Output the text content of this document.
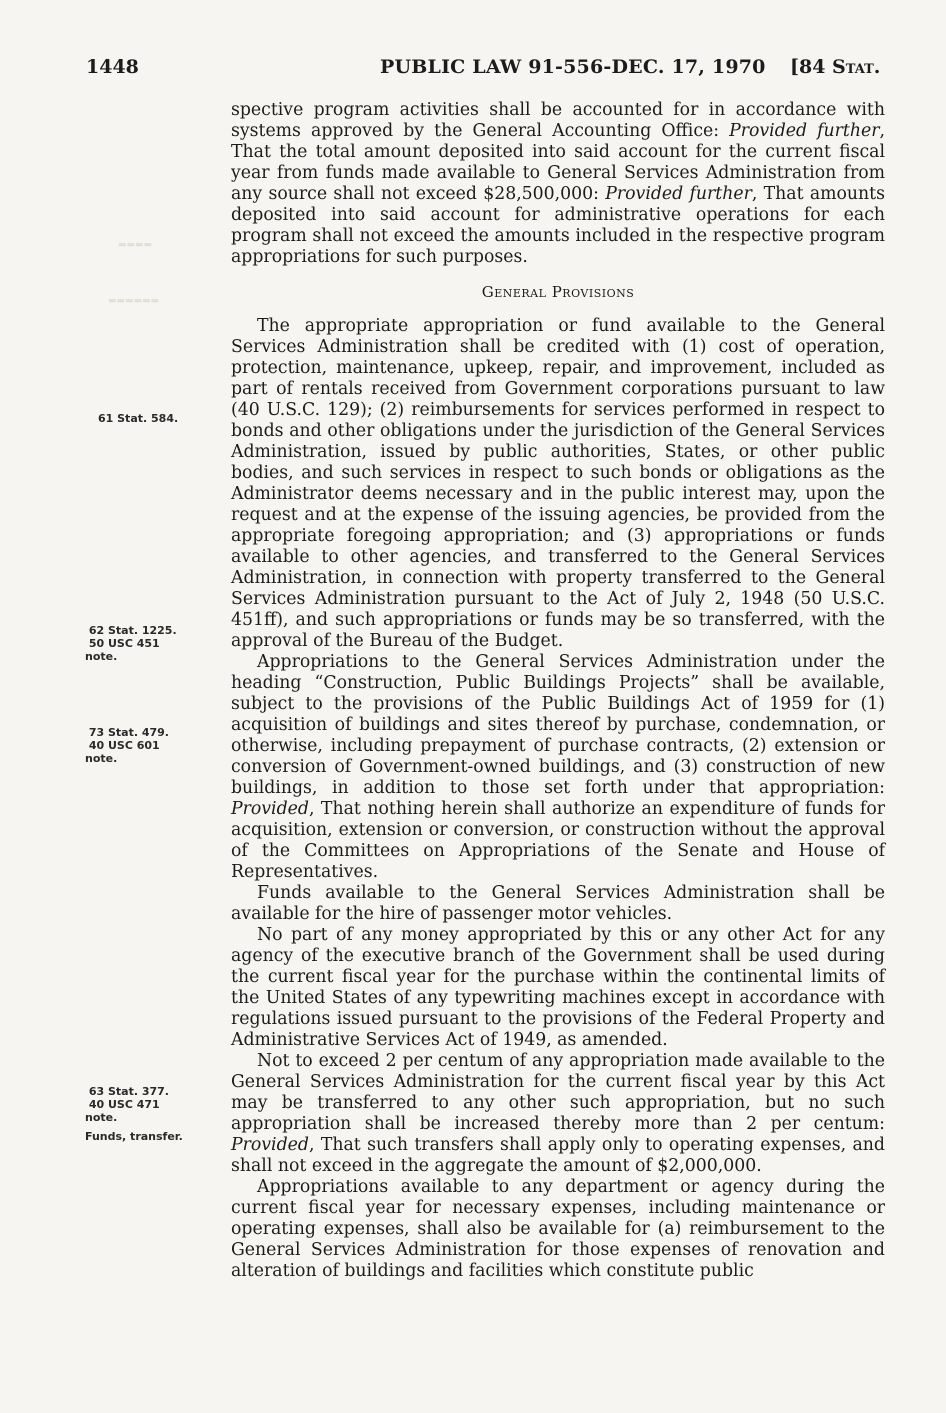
1448	PUBLIC LAW 91-556-DEC. 17, 1970 [84 Stat.
▬▬▬▬
▬▬▬▬▬▬
61 Stat. 584.
62 Stat. 1225.
50 USC 451
note.
73 Stat. 479.
40 USC 601
note.
63 Stat. 377.
40 USC 471
note.
Funds, transfer.

spective program activities shall be accounted for in accordance with systems approved by the General Accounting Office: Provided further, That the total amount deposited into said account for the current fiscal year from funds made available to General Services Administration from any source shall not exceed $28,500,000: Provided further, That amounts deposited into said account for administrative operations for each program shall not exceed the amounts included in the respective program appropriations for such purposes.

General Provisions

The appropriate appropriation or fund available to the General Services Administration shall be credited with (1) cost of operation, protection, maintenance, upkeep, repair, and improvement, included as part of rentals received from Government corporations pursuant to law (40 U.S.C. 129); (2) reimbursements for services performed in respect to bonds and other obligations under the jurisdiction of the General Services Administration, issued by public authorities, States, or other public bodies, and such services in respect to such bonds or obligations as the Administrator deems necessary and in the public interest may, upon the request and at the expense of the issuing agencies, be provided from the appropriate foregoing appropriation; and (3) appropriations or funds available to other agencies, and transferred to the General Services Administration, in connection with property transferred to the General Services Administration pursuant to the Act of July 2, 1948 (50 U.S.C. 451ff), and such appropriations or funds may be so transferred, with the approval of the Bureau of the Budget.

Appropriations to the General Services Administration under the heading “Construction, Public Buildings Projects” shall be available, subject to the provisions of the Public Buildings Act of 1959 for (1) acquisition of buildings and sites thereof by purchase, condemnation, or otherwise, including prepayment of purchase contracts, (2) extension or conversion of Government-owned buildings, and (3) construction of new buildings, in addition to those set forth under that appropriation: Provided, That nothing herein shall authorize an expenditure of funds for acquisition, extension or conversion, or construction without the approval of the Committees on Appropriations of the Senate and House of Representatives.

Funds available to the General Services Administration shall be available for the hire of passenger motor vehicles.

No part of any money appropriated by this or any other Act for any agency of the executive branch of the Government shall be used during the current fiscal year for the purchase within the continental limits of the United States of any typewriting machines except in accordance with regulations issued pursuant to the provisions of the Federal Property and Administrative Services Act of 1949, as amended.

Not to exceed 2 per centum of any appropriation made available to the General Services Administration for the current fiscal year by this Act may be transferred to any other such appropriation, but no such appropriation shall be increased thereby more than 2 per centum: Provided, That such transfers shall apply only to operating expenses, and shall not exceed in the aggregate the amount of $2,000,000.

Appropriations available to any department or agency during the current fiscal year for necessary expenses, including maintenance or operating expenses, shall also be available for (a) reimbursement to the General Services Administration for those expenses of renovation and alteration of buildings and facilities which constitute public
